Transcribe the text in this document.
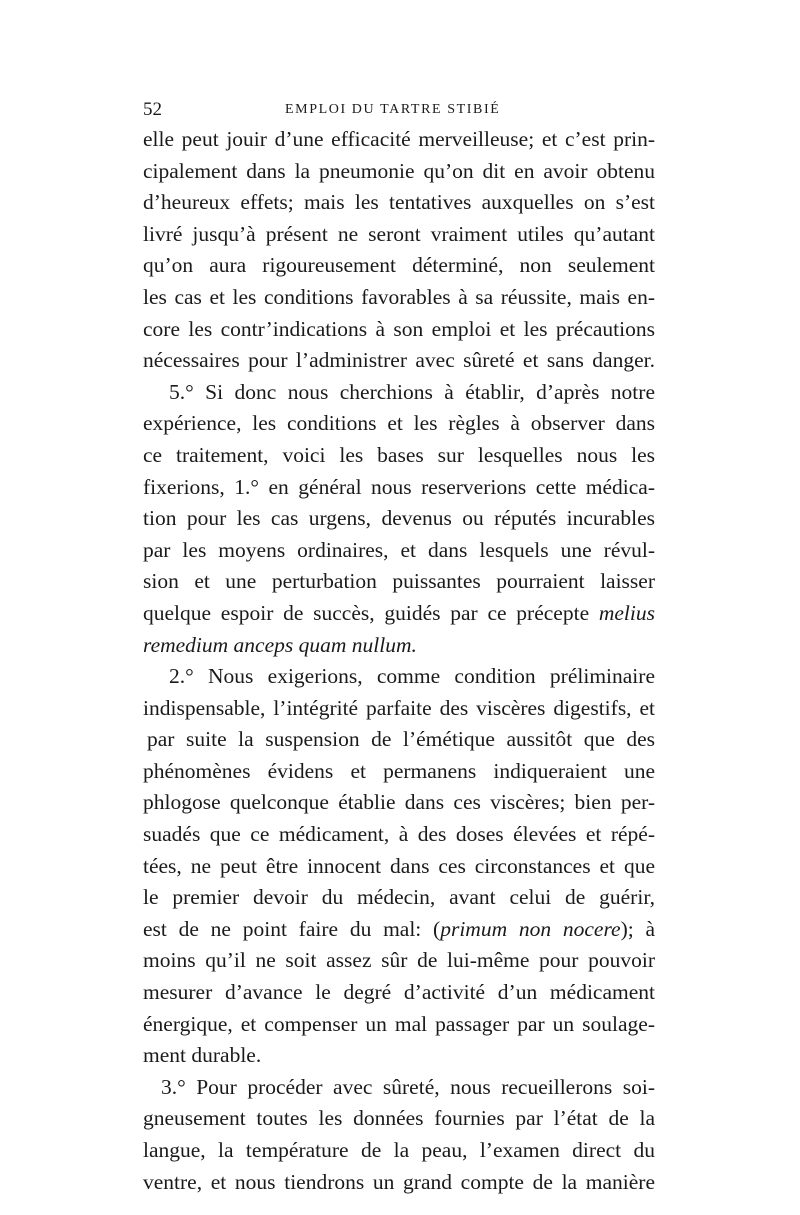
52	EMPLOI DU TARTRE STIBIÉ
elle peut jouir d’une efficacité merveilleuse; et c’est prin-
cipalement dans la pneumonie qu’on dit en avoir obtenu
d’heureux effets; mais les tentatives auxquelles on s’est
livré jusqu’à présent ne seront vraiment utiles qu’autant
qu’on aura rigoureusement déterminé, non seulement
les cas et les conditions favorables à sa réussite, mais en-
core les contr’indications à son emploi et les précautions
nécessaires pour l’administrer avec sûreté et sans danger.
5.° Si donc nous cherchions à établir, d’après notre
expérience, les conditions et les règles à observer dans
ce traitement, voici les bases sur lesquelles nous les
fixerions, 1.° en général nous reserverions cette médica-
tion pour les cas urgens, devenus ou réputés incurables
par les moyens ordinaires, et dans lesquels une révul-
sion et une perturbation puissantes pourraient laisser
quelque espoir de succès, guidés par ce précepte melius
remedium anceps quam nullum.
2.° Nous exigerions, comme condition préliminaire
indispensable, l’intégrité parfaite des viscères digestifs, et
par suite la suspension de l’émétique aussitôt que des
phénomènes évidens et permanens indiqueraient une
phlogose quelconque établie dans ces viscères; bien per-
suadés que ce médicament, à des doses élevées et répé-
tées, ne peut être innocent dans ces circonstances et que
le premier devoir du médecin, avant celui de guérir,
est de ne point faire du mal: (primum non nocere); à
moins qu’il ne soit assez sûr de lui-même pour pouvoir
mesurer d’avance le degré d’activité d’un médicament
énergique, et compenser un mal passager par un soulage-
ment durable.
3.° Pour procéder avec sûreté, nous recueillerons soi-
gneusement toutes les données fournies par l’état de la
langue, la température de la peau, l’examen direct du
ventre, et nous tiendrons un grand compte de la manière
